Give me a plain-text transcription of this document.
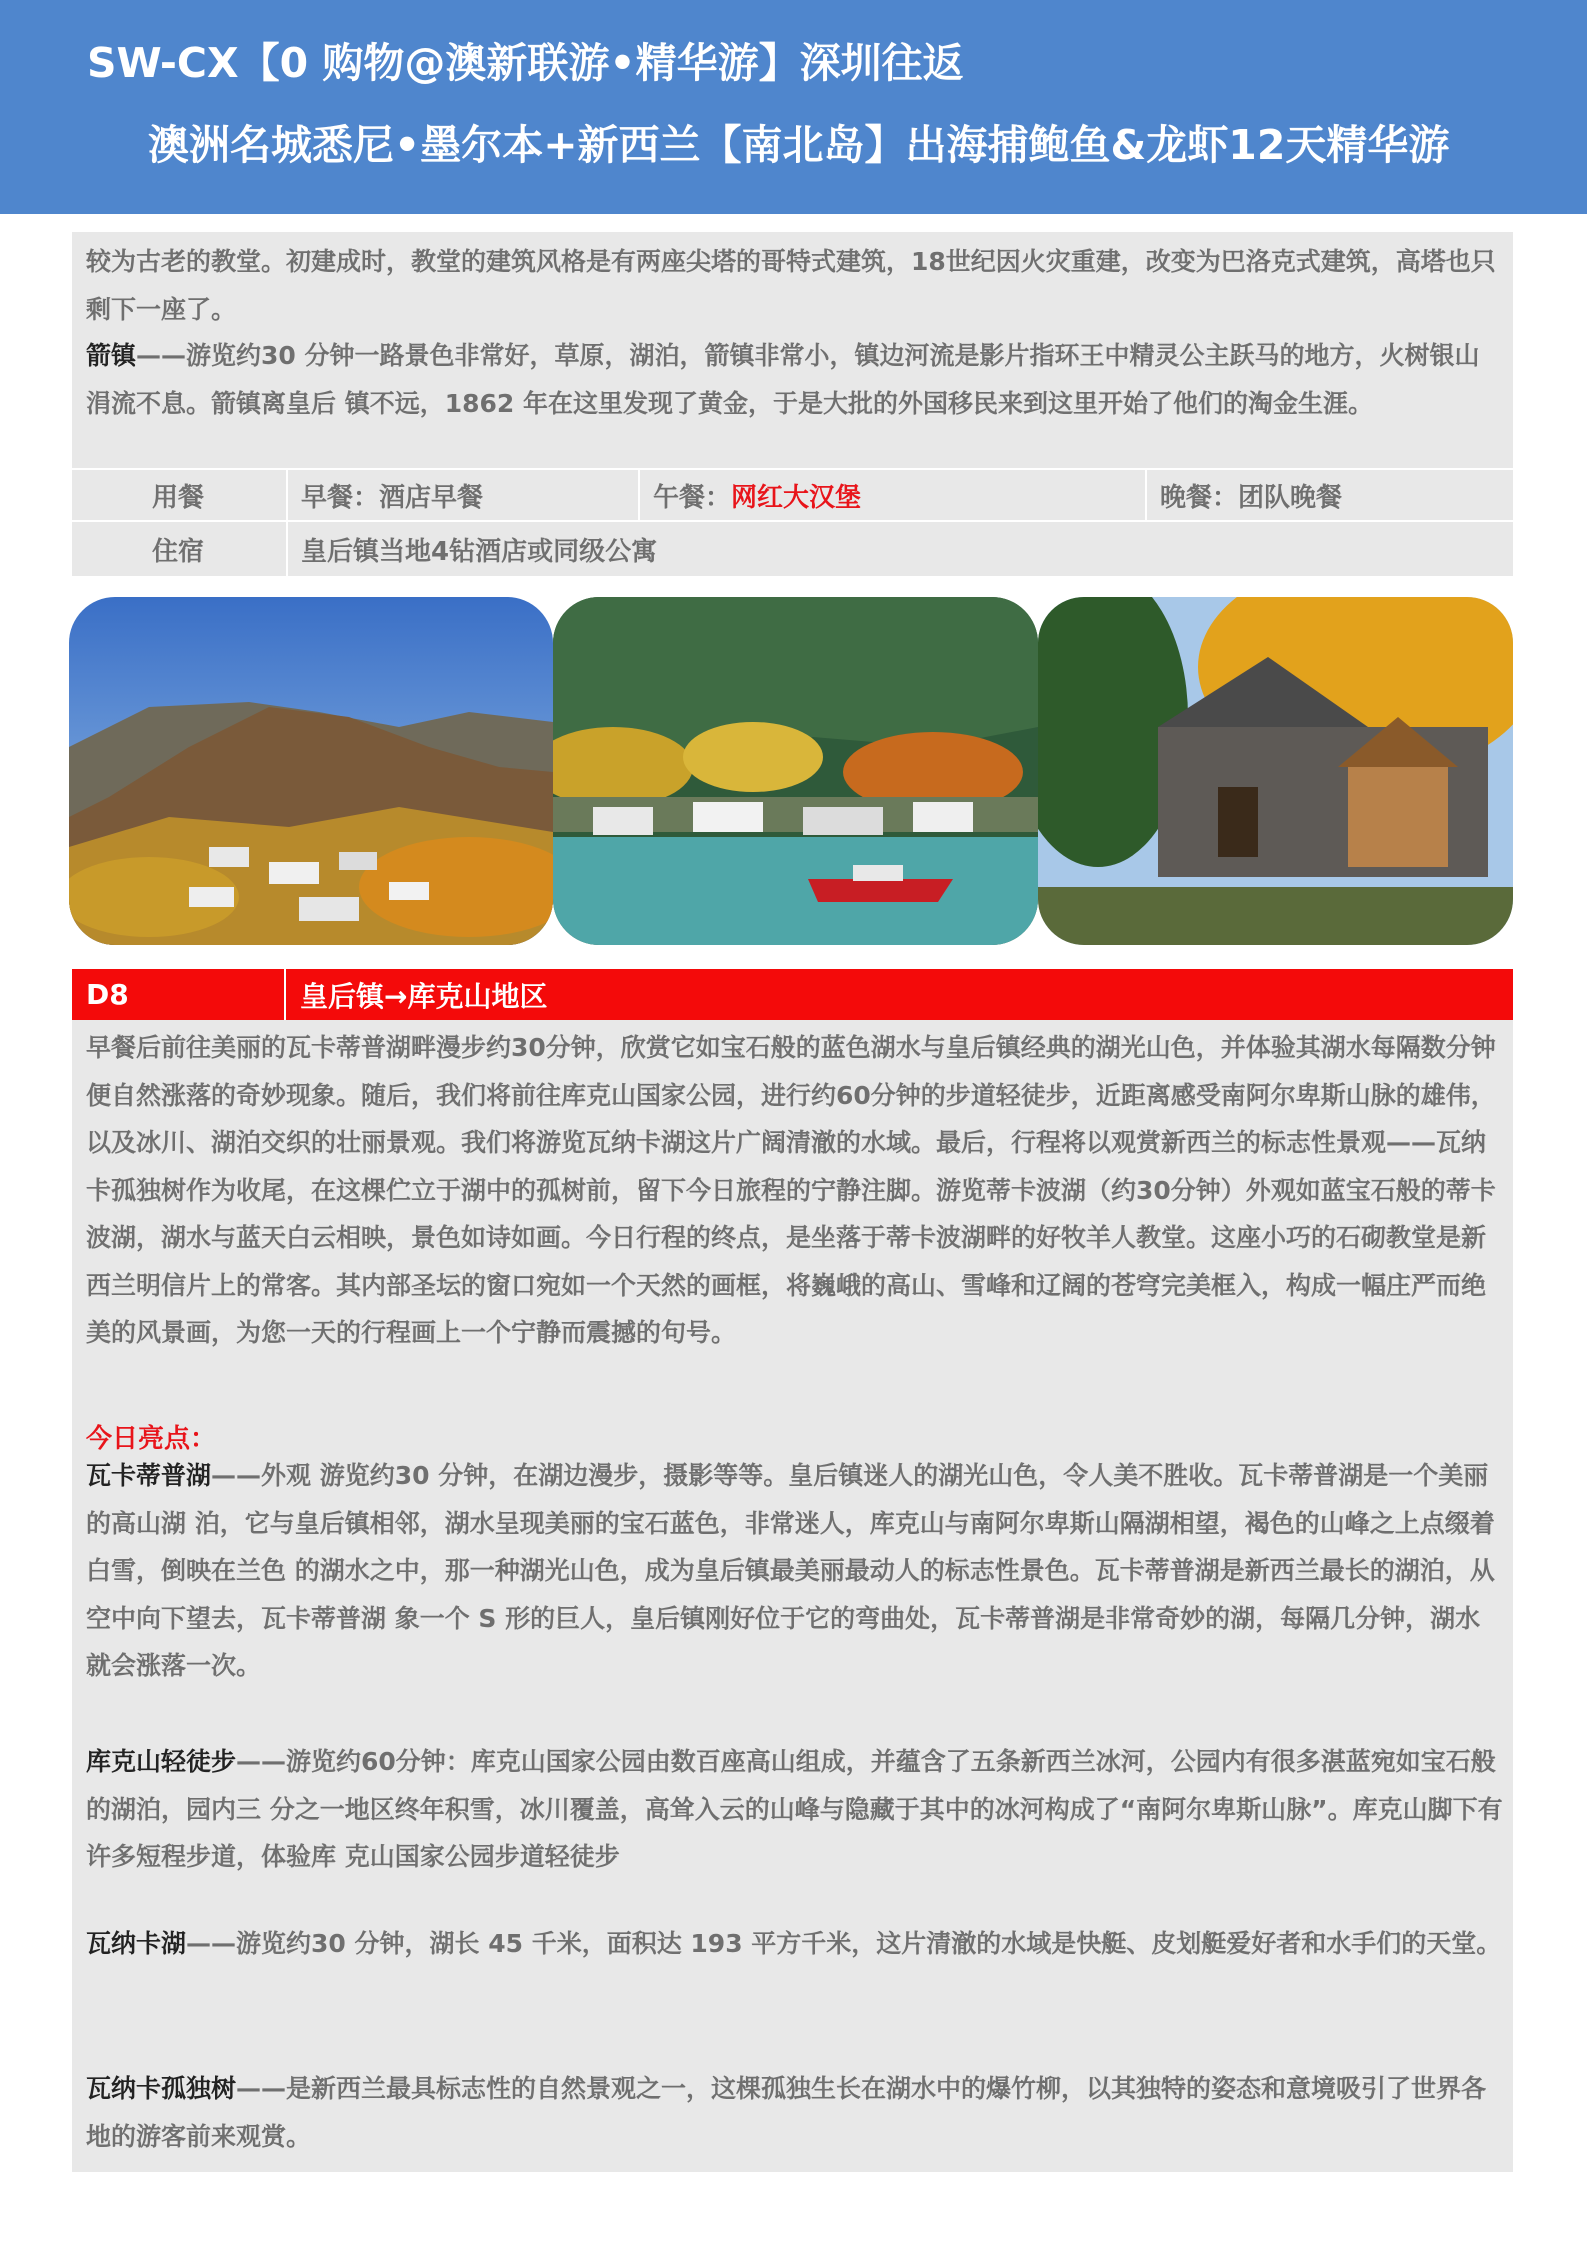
SW-CX【0 购物@澳新联游•精华游】深圳往返
澳洲名城悉尼•墨尔本+新西兰【南北岛】出海捕鲍鱼&龙虾12天精华游

较为古老的教堂。初建成时，教堂的建筑风格是有两座尖塔的哥特式建筑，18世纪因火灾重建，改变为巴洛克式建筑，高塔也只剩下一座了。

箭镇——游览约30 分钟一路景色非常好，草原，湖泊，箭镇非常小，镇边河流是影片指环王中精灵公主跃马的地方，火树银山涓流不息。箭镇离皇后 镇不远，1862 年在这里发现了黄金，于是大批的外国移民来到这里开始了他们的淘金生涯。

用餐	早餐：酒店早餐	午餐： 网红大汉堡	晚餐：团队晚餐
住宿	皇后镇当地4钻酒店或同级公寓
D8	皇后镇→库克山地区

早餐后前往美丽的瓦卡蒂普湖畔漫步约30分钟，欣赏它如宝石般的蓝色湖水与皇后镇经典的湖光山色，并体验其湖水每隔数分钟便自然涨落的奇妙现象。随后，我们将前往库克山国家公园，进行约60分钟的步道轻徒步，近距离感受南阿尔卑斯山脉的雄伟，以及冰川、湖泊交织的壮丽景观。我们将游览瓦纳卡湖这片广阔清澈的水域。最后，行程将以观赏新西兰的标志性景观——瓦纳卡孤独树作为收尾，在这棵伫立于湖中的孤树前，留下今日旅程的宁静注脚。游览蒂卡波湖（约30分钟）外观如蓝宝石般的蒂卡波湖，湖水与蓝天白云相映，景色如诗如画。今日行程的终点，是坐落于蒂卡波湖畔的好牧羊人教堂。这座小巧的石砌教堂是新西兰明信片上的常客。其内部圣坛的窗口宛如一个天然的画框，将巍峨的高山、雪峰和辽阔的苍穹完美框入，构成一幅庄严而绝美的风景画，为您一天的行程画上一个宁静而震撼的句号。

今日亮点：

瓦卡蒂普湖——外观 游览约30 分钟，在湖边漫步，摄影等等。皇后镇迷人的湖光山色，令人美不胜收。瓦卡蒂普湖是一个美丽的高山湖 泊，它与皇后镇相邻，湖水呈现美丽的宝石蓝色，非常迷人，库克山与南阿尔卑斯山隔湖相望，褐色的山峰之上点缀着白雪，倒映在兰色 的湖水之中，那一种湖光山色，成为皇后镇最美丽最动人的标志性景色。瓦卡蒂普湖是新西兰最长的湖泊，从空中向下望去，瓦卡蒂普湖 象一个 S 形的巨人，皇后镇刚好位于它的弯曲处，瓦卡蒂普湖是非常奇妙的湖，每隔几分钟，湖水就会涨落一次。

库克山轻徒步——游览约60分钟：库克山国家公园由数百座高山组成，并蕴含了五条新西兰冰河，公园内有很多湛蓝宛如宝石般的湖泊，园内三 分之一地区终年积雪，冰川覆盖，高耸入云的山峰与隐藏于其中的冰河构成了“南阿尔卑斯山脉”。库克山脚下有许多短程步道，体验库 克山国家公园步道轻徒步

瓦纳卡湖——游览约30 分钟，湖长 45 千米，面积达 193 平方千米，这片清澈的水域是快艇、皮划艇爱好者和水手们的天堂。

瓦纳卡孤独树——是新西兰最具标志性的自然景观之一，这棵孤独生长在湖水中的爆竹柳，以其独特的姿态和意境吸引了世界各地的游客前来观赏。
